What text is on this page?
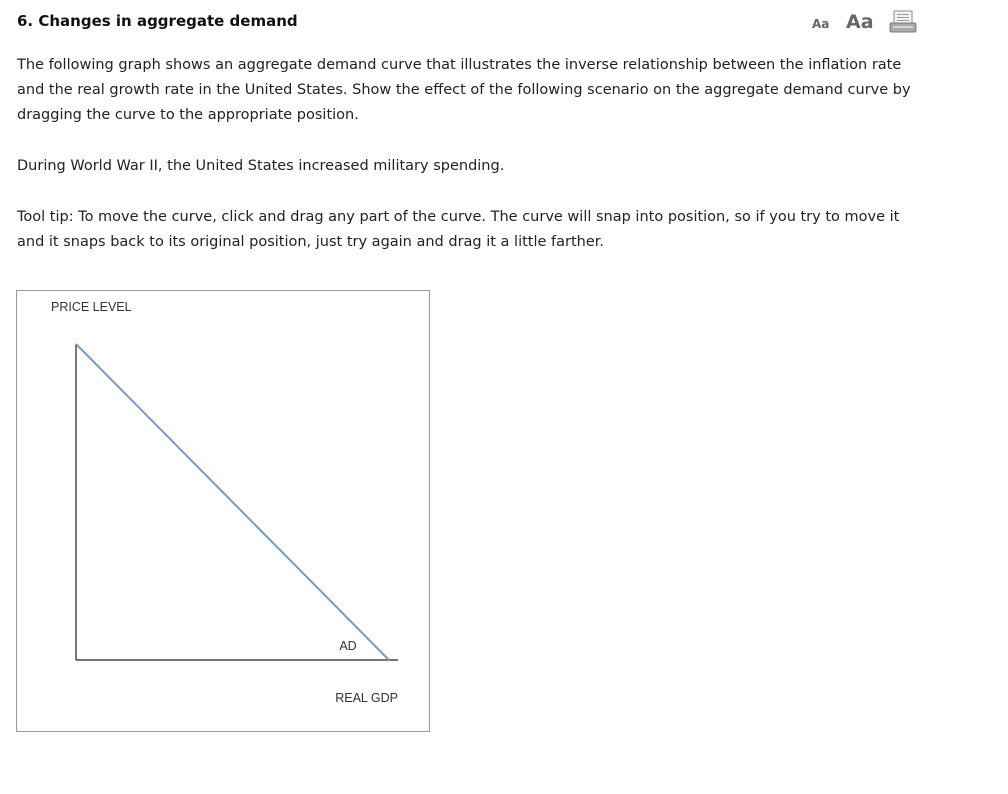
6. Changes in aggregate demand	Aa Aa

The following graph shows an aggregate demand curve that illustrates the inverse relationship between the inflation rate and the real growth rate in the United States. Show the effect of the following scenario on the aggregate demand curve by dragging the curve to the appropriate position.

During World War II, the United States increased military spending.

Tool tip: To move the curve, click and drag any part of the curve. The curve will snap into position, so if you try to move it and it snaps back to its original position, just try again and drag it a little farther.

PRICE LEVEL
AD
REAL GDP
